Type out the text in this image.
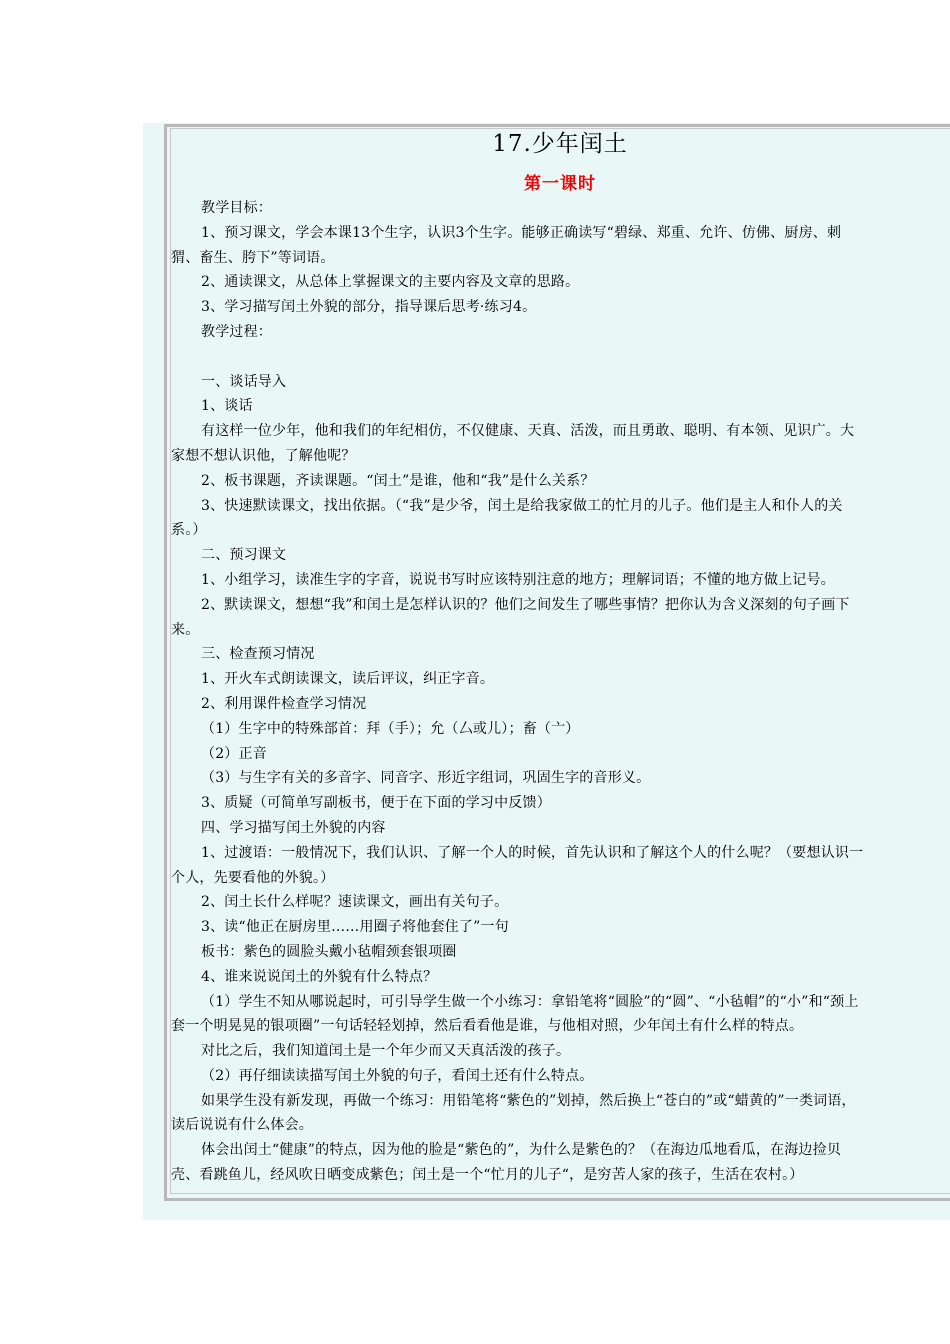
17.少年闰土
第一课时

教学目标：

1、预习课文，学会本课13个生字，认识3个生字。能够正确读写“碧绿、郑重、允许、仿佛、厨房、刺猬、畜生、胯下”等词语。

2、通读课文，从总体上掌握课文的主要内容及文章的思路。

3、学习描写闰土外貌的部分，指导课后思考·练习4。

教学过程：

一、谈话导入

1、谈话

有这样一位少年，他和我们的年纪相仿，不仅健康、天真、活泼，而且勇敢、聪明、有本领、见识广。大家想不想认识他，了解他呢？

2、板书课题，齐读课题。“闰土”是谁，他和“我”是什么关系？

3、快速默读课文，找出依据。（“我”是少爷，闰土是给我家做工的忙月的儿子。他们是主人和仆人的关系。）

二、预习课文

1、小组学习，读准生字的字音，说说书写时应该特别注意的地方；理解词语；不懂的地方做上记号。

2、默读课文，想想“我”和闰土是怎样认识的？他们之间发生了哪些事情？把你认为含义深刻的句子画下来。

三、检查预习情况

1、开火车式朗读课文，读后评议，纠正字音。

2、利用课件检查学习情况

（1）生字中的特殊部首：拜（手）；允（厶或儿）；畜（亠）

（2）正音

（3）与生字有关的多音字、同音字、形近字组词，巩固生字的音形义。

3、质疑（可简单写副板书，便于在下面的学习中反馈）

四、学习描写闰土外貌的内容

1、过渡语：一般情况下，我们认识、了解一个人的时候，首先认识和了解这个人的什么呢？（要想认识一个人，先要看他的外貌。）

2、闰土长什么样呢？速读课文，画出有关句子。

3、读“他正在厨房里……用圈子将他套住了”一句

板书：紫色的圆脸头戴小毡帽颈套银项圈

4、谁来说说闰土的外貌有什么特点？

（1）学生不知从哪说起时，可引导学生做一个小练习：拿铅笔将“圆脸”的“圆”、“小毡帽”的“小”和“颈上套一个明晃晃的银项圈”一句话轻轻划掉，然后看看他是谁，与他相对照，少年闰土有什么样的特点。

对比之后，我们知道闰土是一个年少而又天真活泼的孩子。

（2）再仔细读读描写闰土外貌的句子，看闰土还有什么特点。

如果学生没有新发现，再做一个练习：用铅笔将“紫色的”划掉，然后换上“苍白的”或“蜡黄的”一类词语，读后说说有什么体会。

体会出闰土“健康”的特点，因为他的脸是“紫色的”，为什么是紫色的？（在海边瓜地看瓜，在海边捡贝壳、看跳鱼儿，经风吹日晒变成紫色；闰土是一个“忙月的儿子“，是穷苦人家的孩子，生活在农村。）
